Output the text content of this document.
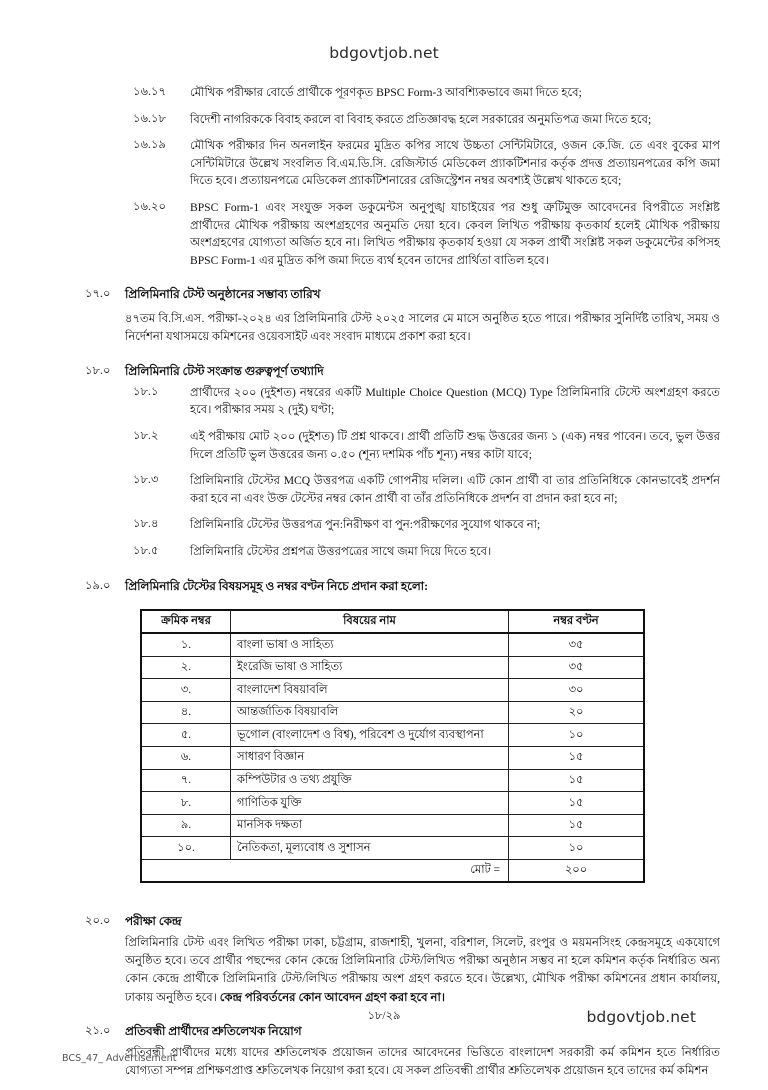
bdgovtjob.net
১৬.১৭	মৌখিক পরীক্ষার বোর্ডে প্রার্থীকে পূরণকৃত BPSC Form-3 আবশ্যিকভাবে জমা দিতে হবে;
১৬.১৮	বিদেশী নাগরিককে বিবাহ করলে বা বিবাহ করতে প্রতিজ্ঞাবদ্ধ হলে সরকারের অনুমতিপত্র জমা দিতে হবে;
১৬.১৯	মৌখিক পরীক্ষার দিন অনলাইন ফরমের মুদ্রিত কপির সাথে উচ্চতা সেন্টিমিটারে, ওজন কে.জি. তে এবং বুকের মাপ সেন্টিমিটারে উল্লেখ সংবলিত বি.এম.ডি.সি. রেজিস্টার্ড মেডিকেল প্র্যাকটিশনার কর্তৃক প্রদত্ত প্রত্যায়নপত্রের কপি জমা দিতে হবে। প্রত্যায়নপত্রে মেডিকেল প্র্যাকটিশনারের রেজিস্ট্রেশন নম্বর অবশ্যই উল্লেখ থাকতে হবে;
১৬.২০	BPSC Form-1 এবং সংযুক্ত সকল ডকুমেন্টস অনুপুঙ্খ যাচাইয়ের পর শুধু ত্রুটিমুক্ত আবেদনের বিপরীতে সংশ্লিষ্ট প্রার্থীদের মৌখিক পরীক্ষায় অংশগ্রহণের অনুমতি দেয়া হবে। কেবল লিখিত পরীক্ষায় কৃতকার্য হলেই মৌখিক পরীক্ষায় অংশগ্রহণের যোগ্যতা অর্জিত হবে না। লিখিত পরীক্ষায় কৃতকার্য হওয়া যে সকল প্রার্থী সংশ্লিষ্ট সকল ডকুমেন্টের কপিসহ BPSC Form-1 এর মুদ্রিত কপি জমা দিতে ব্যর্থ হবেন তাদের প্রার্থিতা বাতিল হবে।
১৭.০	প্রিলিমিনারি টেস্ট অনুষ্ঠানের সম্ভাব্য তারিখ
৪৭তম বি.সি.এস. পরীক্ষা-২০২৪ এর প্রিলিমিনারি টেস্ট ২০২৫ সালের মে মাসে অনুষ্ঠিত হতে পারে। পরীক্ষার সুনির্দিষ্ট তারিখ, সময় ও নির্দেশনা যথাসময়ে কমিশনের ওয়েবসাইট এবং সংবাদ মাধ্যমে প্রকাশ করা হবে।
১৮.০	প্রিলিমিনারি টেস্ট সংক্রান্ত গুরুত্বপূর্ণ তথ্যাদি
১৮.১	প্রার্থীদের ২০০ (দুইশত) নম্বরের একটি Multiple Choice Question (MCQ) Type প্রিলিমিনারি টেস্টে অংশগ্রহণ করতে হবে। পরীক্ষার সময় ২ (দুই) ঘণ্টা;
১৮.২	এই পরীক্ষায় মোট ২০০ (দুইশত) টি প্রশ্ন থাকবে। প্রার্থী প্রতিটি শুদ্ধ উত্তরের জন্য ১ (এক) নম্বর পাবেন। তবে, ভুল উত্তর দিলে প্রতিটি ভুল উত্তরের জন্য ০.৫০ (শূন্য দশমিক পাঁচ শূন্য) নম্বর কাটা যাবে;
১৮.৩	প্রিলিমিনারি টেস্টের MCQ উত্তরপত্র একটি গোপনীয় দলিল। এটি কোন প্রার্থী বা তার প্রতিনিধিকে কোনভাবেই প্রদর্শন করা হবে না এবং উক্ত টেস্টের নম্বর কোন প্রার্থী বা তাঁর প্রতিনিধিকে প্রদর্শন বা প্রদান করা হবে না;
১৮.৪	প্রিলিমিনারি টেস্টের উত্তরপত্র পুন:নিরীক্ষণ বা পুন:পরীক্ষণের সুযোগ থাকবে না;
১৮.৫	প্রিলিমিনারি টেস্টের প্রশ্নপত্র উত্তরপত্রের সাথে জমা দিয়ে দিতে হবে।
১৯.০	প্রিলিমিনারি টেস্টের বিষয়সমূহ ও নম্বর বণ্টন নিচে প্রদান করা হলো:
ক্রমিক নম্বর	বিষয়ের নাম	নম্বর বণ্টন
১.	বাংলা ভাষা ও সাহিত্য	৩৫
২.	ইংরেজি ভাষা ও সাহিত্য	৩৫
৩.	বাংলাদেশ বিষয়াবলি	৩০
৪.	আন্তর্জাতিক বিষয়াবলি	২০
৫.	ভূগোল (বাংলাদেশ ও বিশ্ব), পরিবেশ ও দুর্যোগ ব্যবস্থাপনা	১০
৬.	সাধারণ বিজ্ঞান	১৫
৭.	কম্পিউটার ও তথ্য প্রযুক্তি	১৫
৮.	গাণিতিক যুক্তি	১৫
৯.	মানসিক দক্ষতা	১৫
১০.	নৈতিকতা, মূল্যবোধ ও সুশাসন	১০
মোট =		২০০
২০.০	পরীক্ষা কেন্দ্র
প্রিলিমিনারি টেস্ট এবং লিখিত পরীক্ষা ঢাকা, চট্টগ্রাম, রাজশাহী, খুলনা, বরিশাল, সিলেট, রংপুর ও ময়মনসিংহ কেন্দ্রসমূহে একযোগে অনুষ্ঠিত হবে। তবে প্রার্থীর পছন্দের কোন কেন্দ্রে প্রিলিমিনারি টেস্ট/লিখিত পরীক্ষা অনুষ্ঠান সম্ভব না হলে কমিশন কর্তৃক নির্ধারিত অন্য কোন কেন্দ্রে প্রার্থীকে প্রিলিমিনারি টেস্ট/লিখিত পরীক্ষায় অংশ গ্রহণ করতে হবে। উল্লেখ্য, মৌখিক পরীক্ষা কমিশনের প্রধান কার্যালয়, ঢাকায় অনুষ্ঠিত হবে। কেন্দ্র পরিবর্তনের কোন আবেদন গ্রহণ করা হবে না।
২১.০	প্রতিবন্ধী প্রার্থীদের শ্রুতিলেখক নিয়োগ
প্রতিবন্ধী প্রার্থীদের মধ্যে যাদের শ্রুতিলেখক প্রয়োজন তাদের আবেদনের ভিত্তিতে বাংলাদেশ সরকারী কর্ম কমিশন হতে নির্ধারিত যোগ্যতা সম্পন্ন প্রশিক্ষণপ্রাপ্ত শ্রুতিলেখক নিয়োগ করা হবে। যে সকল প্রতিবন্ধী প্রার্থীর শ্রুতিলেখক প্রয়োজন হবে তাদের কর্ম কমিশন
১৮/২৯	bdgovtjob.net
BCS_47_ Advertisement
